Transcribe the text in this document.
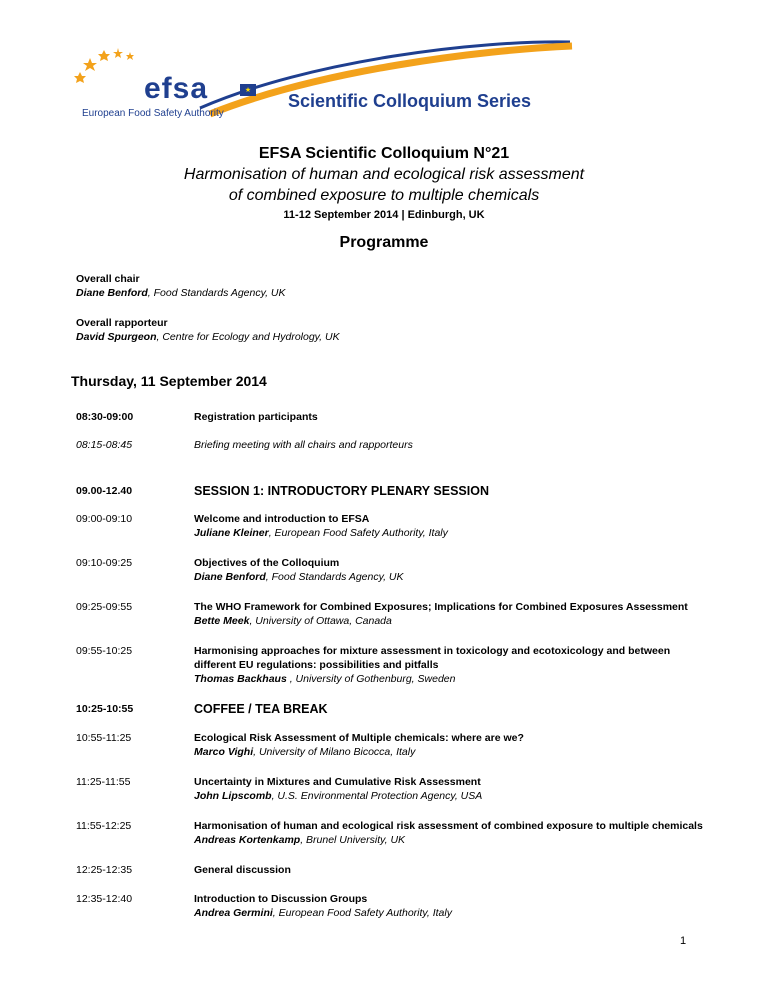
efsa	★
European Food Safety Authority
Scientific Colloquium Series
EFSA Scientific Colloquium N°21
Harmonisation of human and ecological risk assessment
of combined exposure to multiple chemicals
11-12 September 2014 | Edinburgh, UK
Programme
Overall chair
Diane Benford, Food Standards Agency, UK
Overall rapporteur
David Spurgeon, Centre for Ecology and Hydrology, UK
Thursday, 11 September 2014
08:30-09:00	Registration participants
08:15-08:45	Briefing meeting with all chairs and rapporteurs
09.00-12.40	SESSION 1: INTRODUCTORY PLENARY SESSION
09:00-09:10	Welcome and introduction to EFSA
Juliane Kleiner, European Food Safety Authority, Italy
09:10-09:25	Objectives of the Colloquium
Diane Benford, Food Standards Agency, UK
09:25-09:55	The WHO Framework for Combined Exposures; Implications for Combined Exposures Assessment
Bette Meek, University of Ottawa, Canada
09:55-10:25	Harmonising approaches for mixture assessment in toxicology and ecotoxicology and between
different EU regulations: possibilities and pitfalls
Thomas Backhaus , University of Gothenburg, Sweden
10:25-10:55	COFFEE / TEA BREAK
10:55-11:25	Ecological Risk Assessment of Multiple chemicals: where are we?
Marco Vighi, University of Milano Bicocca, Italy
11:25-11:55	Uncertainty in Mixtures and Cumulative Risk Assessment
John Lipscomb, U.S. Environmental Protection Agency, USA
11:55-12:25	Harmonisation of human and ecological risk assessment of combined exposure to multiple chemicals
Andreas Kortenkamp, Brunel University, UK
12:25-12:35	General discussion
12:35-12:40	Introduction to Discussion Groups
Andrea Germini, European Food Safety Authority, Italy
1
